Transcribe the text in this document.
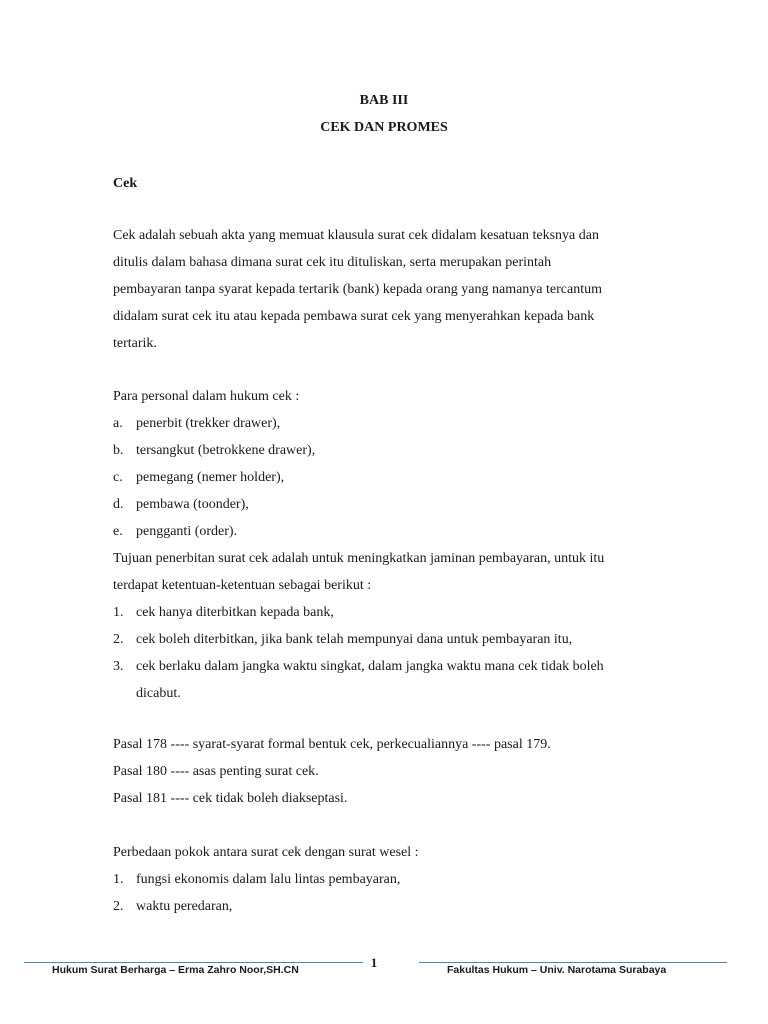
BAB III
CEK DAN PROMES
Cek
Cek adalah sebuah akta yang memuat klausula surat cek didalam kesatuan teksnya dan
ditulis dalam bahasa dimana surat cek itu dituliskan, serta merupakan perintah
pembayaran tanpa syarat kepada tertarik (bank) kepada orang yang namanya tercantum
didalam surat cek itu atau kepada pembawa surat cek yang menyerahkan kepada bank
tertarik.
Para personal dalam hukum cek :
a. penerbit (trekker drawer),
b. tersangkut (betrokkene drawer),
c. pemegang (nemer holder),
d. pembawa (toonder),
e. pengganti (order).
Tujuan penerbitan surat cek adalah untuk meningkatkan jaminan pembayaran, untuk itu
terdapat ketentuan-ketentuan sebagai berikut :
1. cek hanya diterbitkan kepada bank,
2. cek boleh diterbitkan, jika bank telah mempunyai dana untuk pembayaran itu,
3. cek berlaku dalam jangka waktu singkat, dalam jangka waktu mana cek tidak boleh
dicabut.
Pasal 178 ---- syarat-syarat formal bentuk cek, perkecualiannya ---- pasal 179.
Pasal 180 ---- asas penting surat cek.
Pasal 181 ---- cek tidak boleh diakseptasi.
Perbedaan pokok antara surat cek dengan surat wesel :
1. fungsi ekonomis dalam lalu lintas pembayaran,
2. waktu peredaran,
Hukum Surat Berharga – Erma Zahro Noor,SH.CN	1	Fakultas Hukum – Univ. Narotama Surabaya
